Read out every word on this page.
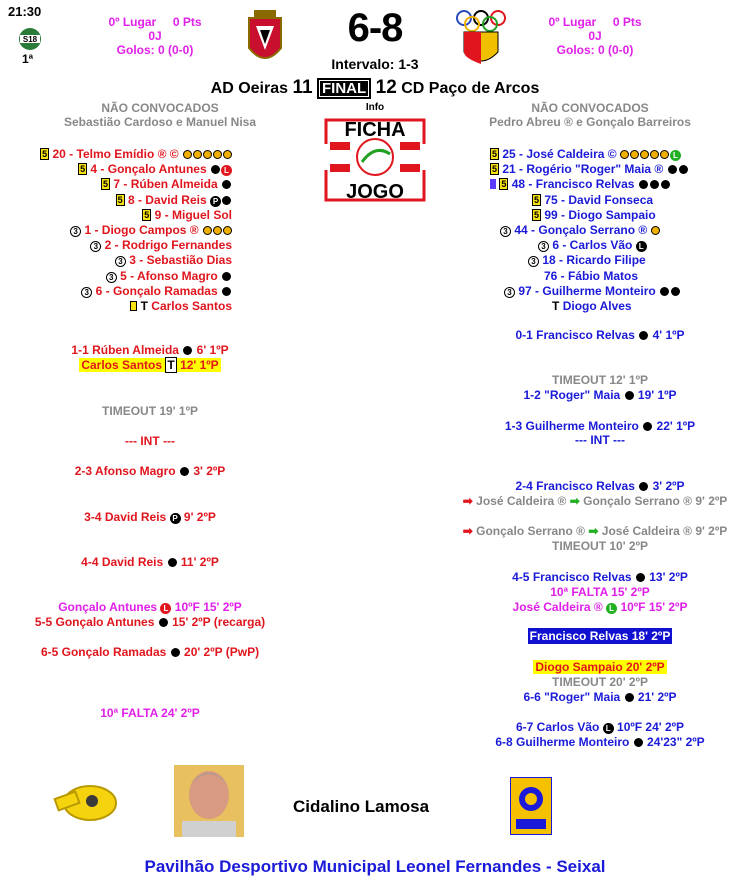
21:30
S18
1ª
0º Lugar 0 Pts
0J
Golos: 0 (0-0)	6-8	0º Lugar 0 Pts
0J
Golos: 0 (0-0)
Intervalo: 1-3
AD Oeiras 11 FINAL 12 CD Paço de Arcos
NÃO CONVOCADOS
Sebastião Cardoso e Manuel Nisa
NÃO CONVOCADOS
Pedro Abreu ® e Gonçalo Barreiros
Info
FICHA
JOGO
5 20 - Telmo Emídio ® ©
5 4 - Gonçalo Antunes L
5 7 - Rúben Almeida
5 8 - David Reis P
5 9 - Miguel Sol
3 1 - Diogo Campos ®
3 2 - Rodrigo Fernandes
3 3 - Sebastião Dias
3 5 - Afonso Magro
3 6 - Gonçalo Ramadas
T Carlos Santos
5 25 - José Caldeira ©	L
5 21 - Rogério "Roger" Maia ®
5 48 - Francisco Relvas
5 75 - David Fonseca
5 99 - Diogo Sampaio
3 44 - Gonçalo Serrano ®
3 6 - Carlos Vão L
3 18 - Ricardo Filipe
76 - Fábio Matos
3 97 - Guilherme Monteiro
T Diogo Alves
1-1 Rúben Almeida 6' 1ºP
Carlos Santos T 12' 1ºP
TIMEOUT 19' 1ºP
--- INT ---
2-3 Afonso Magro 3' 2ºP
3-4 David Reis P 9' 2ºP
4-4 David Reis 11' 2ºP
Gonçalo Antunes L 10ºF 15' 2ºP
5-5 Gonçalo Antunes 15' 2ºP (recarga)
6-5 Gonçalo Ramadas 20' 2ºP (PwP)
10ª FALTA 24' 2ºP
0-1 Francisco Relvas 4' 1ºP
TIMEOUT 12' 1ºP
1-2 "Roger" Maia 19' 1ºP
1-3 Guilherme Monteiro 22' 1ºP
--- INT ---
2-4 Francisco Relvas 3' 2ºP
➡ José Caldeira ® ➡ Gonçalo Serrano ® 9' 2ºP
➡ Gonçalo Serrano ® ➡ José Caldeira ® 9' 2ºP
TIMEOUT 10' 2ºP
4-5 Francisco Relvas 13' 2ºP
10ª FALTA 15' 2ºP
José Caldeira ® L 10ºF 15' 2ºP
Francisco Relvas 18' 2ºP
Diogo Sampaio 20' 2ºP
TIMEOUT 20' 2ºP
6-6 "Roger" Maia 21' 2ºP
6-7 Carlos Vão L 10ºF 24' 2ºP
6-8 Guilherme Monteiro 24'23" 2ºP
Cidalino Lamosa
Pavilhão Desportivo Municipal Leonel Fernandes - Seixal
